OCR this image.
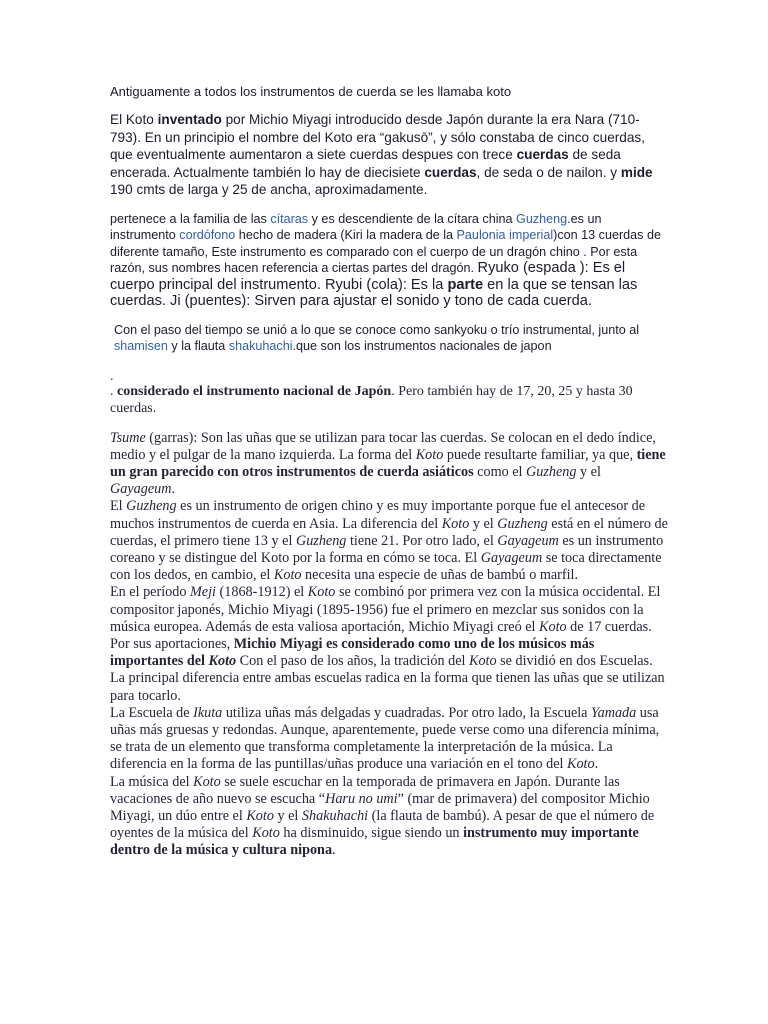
Antiguamente a todos los instrumentos de cuerda se les llamaba koto

El Koto inventado por Michio Miyagi introducido desde Japón durante la era Nara (710-793). En un principio el nombre del Koto era “gakusō”, y sólo constaba de cinco cuerdas, que eventualmente aumentaron a siete cuerdas despues con trece cuerdas de seda encerada. Actualmente también lo hay de diecisiete cuerdas, de seda o de nailon. y mide 190 cmts de larga y 25 de ancha, aproximadamente.

pertenece a la familia de las cítaras y es descendiente de la cítara china Guzheng.es un instrumento cordófono hecho de madera (Kiri la madera de la Paulonia imperial)con 13 cuerdas de diferente tamaño, Este instrumento es comparado con el cuerpo de un dragón chino . Por esta razón, sus nombres hacen referencia a ciertas partes del dragón. Ryuko (espada ): Es el cuerpo principal del instrumento. Ryubi (cola): Es la parte en la que se tensan las cuerdas. Ji (puentes): Sirven para ajustar el sonido y tono de cada cuerda.

Con el paso del tiempo se unió a lo que se conoce como sankyoku o trío instrumental, junto al shamisen y la flauta shakuhachi.que son los instrumentos nacionales de japon

.

. considerado el instrumento nacional de Japón. Pero también hay de 17, 20, 25 y hasta 30 cuerdas.

Tsume (garras): Son las uñas que se utilizan para tocar las cuerdas. Se colocan en el dedo índice, medio y el pulgar de la mano izquierda. La forma del Koto puede resultarte familiar, ya que, tiene un gran parecido con otros instrumentos de cuerda asiáticos como el Guzheng y el Gayageum.
El Guzheng es un instrumento de origen chino y es muy importante porque fue el antecesor de muchos instrumentos de cuerda en Asia. La diferencia del Koto y el Guzheng está en el número de cuerdas, el primero tiene 13 y el Guzheng tiene 21. Por otro lado, el Gayageum es un instrumento coreano y se distingue del Koto por la forma en cómo se toca. El Gayageum se toca directamente con los dedos, en cambio, el Koto necesita una especie de uñas de bambú o marfil.
En el período Meji (1868-1912) el Koto se combinó por primera vez con la música occidental. El compositor japonés, Michio Miyagi (1895-1956) fue el primero en mezclar sus sonidos con la música europea. Además de esta valiosa aportación, Michio Miyagi creó el Koto de 17 cuerdas. Por sus aportaciones, Michio Miyagi es considerado como uno de los músicos más importantes del Koto Con el paso de los años, la tradición del Koto se dividió en dos Escuelas. La principal diferencia entre ambas escuelas radica en la forma que tienen las uñas que se utilizan para tocarlo.
La Escuela de Ikuta utiliza uñas más delgadas y cuadradas. Por otro lado, la Escuela Yamada usa uñas más gruesas y redondas. Aunque, aparentemente, puede verse como una diferencia mínima, se trata de un elemento que transforma completamente la interpretación de la música. La diferencia en la forma de las puntillas/uñas produce una variación en el tono del Koto.
La música del Koto se suele escuchar en la temporada de primavera en Japón. Durante las vacaciones de año nuevo se escucha “Haru no umi” (mar de primavera) del compositor Michio Miyagi, un dúo entre el Koto y el Shakuhachi (la flauta de bambú). A pesar de que el número de oyentes de la música del Koto ha disminuido, sigue siendo un instrumento muy importante dentro de la música y cultura nipona.
